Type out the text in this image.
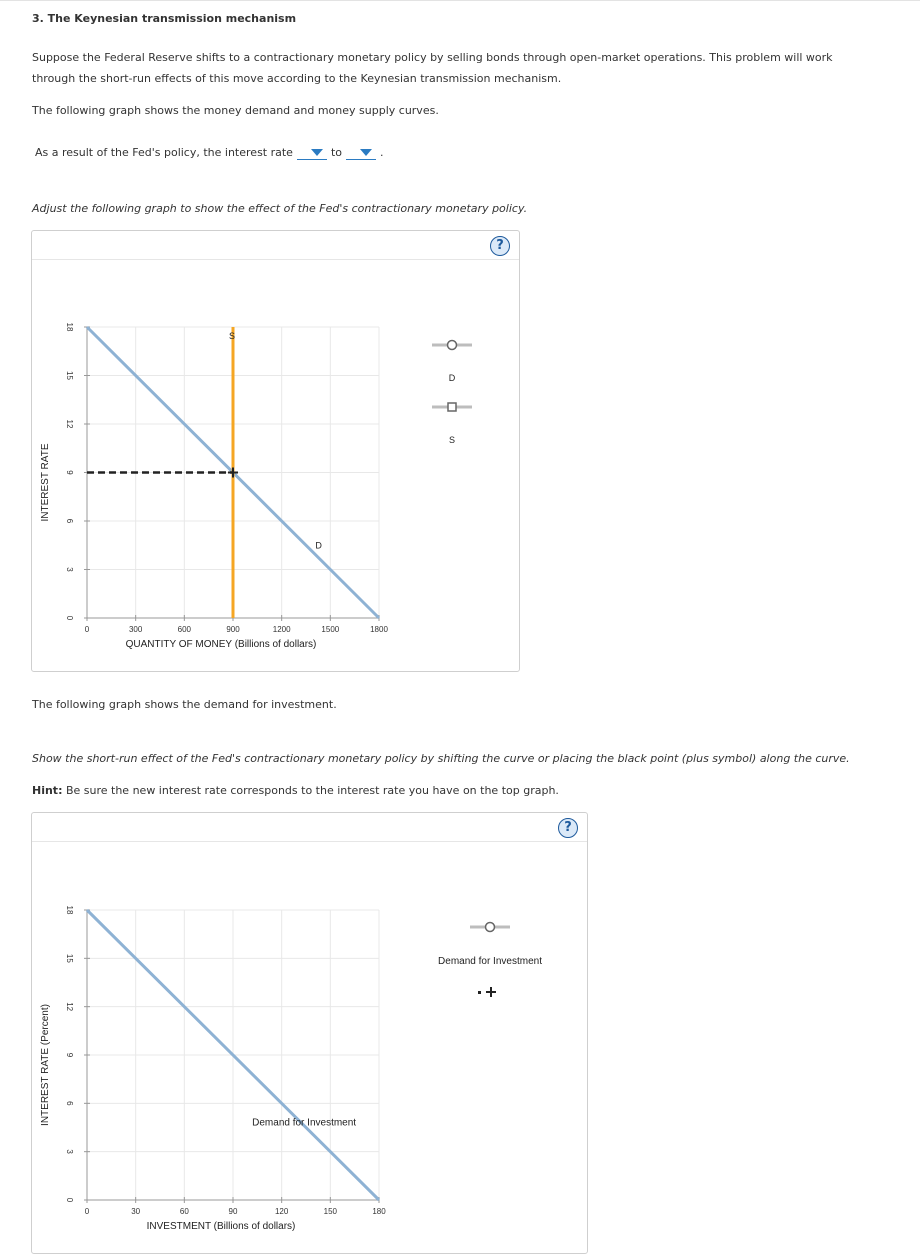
3. The Keynesian transmission mechanism
Suppose the Federal Reserve shifts to a contractionary monetary policy by selling bonds through open-market operations. This problem will work
through the short-run effects of this move according to the Keynesian transmission mechanism.
The following graph shows the money demand and money supply curves.
As a result of the Fed's policy, the interest rate	to	.
Adjust the following graph to show the effect of the Fed's contractionary monetary policy.
?
0	300	600	900	1200	1500	1800
0
3
6
9
12
15
18
QUANTITY OF MONEY (Billions of dollars)
INTEREST RATE
S
D
D
S
The following graph shows the demand for investment.
Show the short-run effect of the Fed's contractionary monetary policy by shifting the curve or placing the black point (plus symbol) along the curve.
Hint: Be sure the new interest rate corresponds to the interest rate you have on the top graph.
?
0	30	60	90	120	150	180
0
3
6
9
12
15
18
INVESTMENT (Billions of dollars)
INTEREST RATE (Percent)	Demand for Investment
Demand for Investment
